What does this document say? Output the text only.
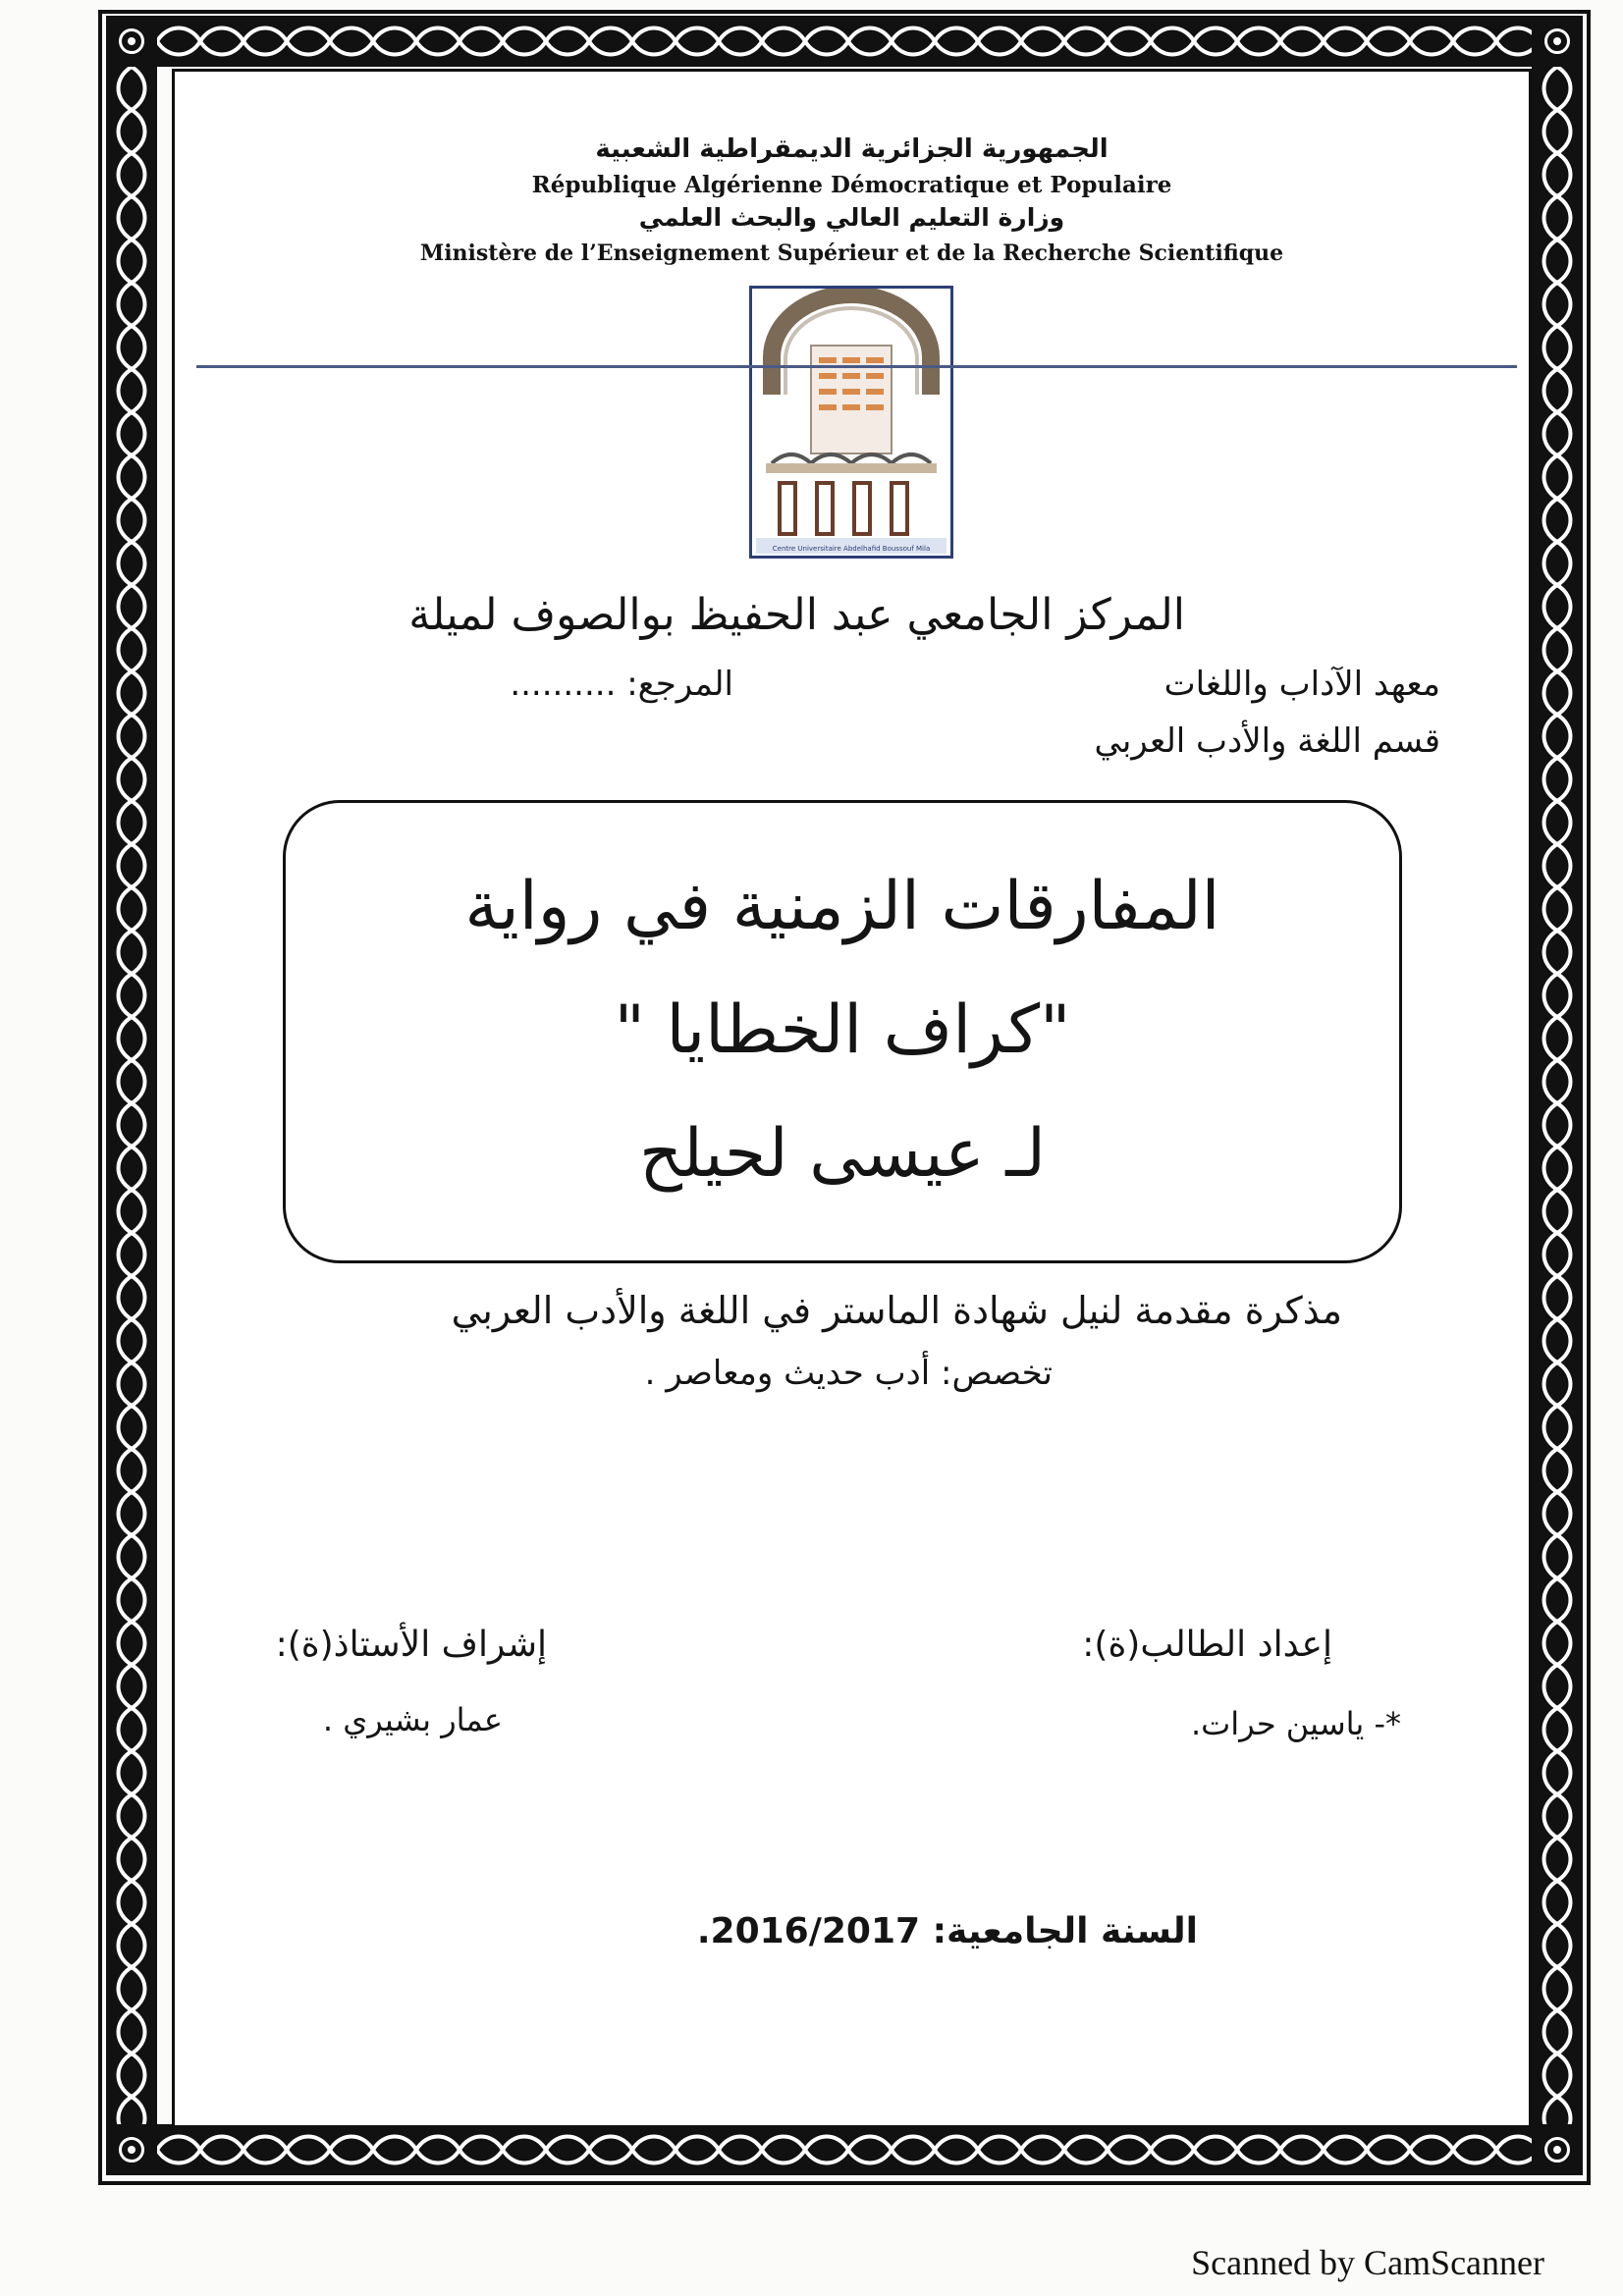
الجمهورية الجزائرية الديمقراطية الشعبية
République Algérienne Démocratique et Populaire
وزارة التعليم العالي والبحث العلمي
Ministère de l’Enseignement Supérieur et de la Recherche Scientifique
Centre Universitaire Abdelhafid Boussouf Mila
المركز الجامعي عبد الحفيظ بوالصوف لميلة
معهد الآداب واللغات
المرجع: ..........
قسم اللغة والأدب العربي
المفارقات الزمنية في رواية
"كراف الخطايا "
لـ عيسى لحيلح
مذكرة مقدمة لنيل شهادة الماستر في اللغة والأدب العربي
تخصص: أدب حديث ومعاصر .
إعداد الطالب(ة):
*- ياسين حرات.
إشراف الأستاذ(ة):
عمار بشيري .
السنة الجامعية: 2016/2017.
Scanned by CamScanner
